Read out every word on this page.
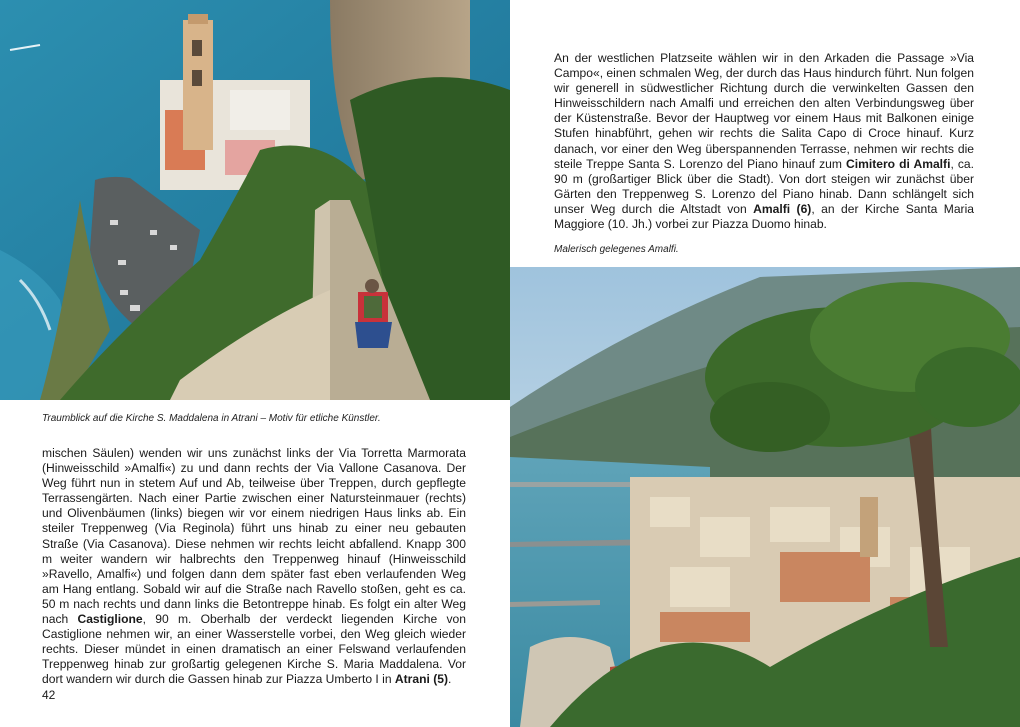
Traumblick auf die Kirche S. Maddalena in Atrani – Motiv für etliche Künstler.

mischen Säulen) wenden wir uns zunächst links der Via Torretta Marmorata (Hinweisschild »Amalfi«) zu und dann rechts der Via Vallone Casanova. Der Weg führt nun in stetem Auf und Ab, teilweise über Treppen, durch gepflegte Terrassengärten. Nach einer Partie zwischen einer Natursteinmauer (rechts) und Olivenbäumen (links) biegen wir vor einem niedrigen Haus links ab. Ein steiler Treppenweg (Via Reginola) führt uns hinab zu einer neu gebauten Straße (Via Casanova). Diese nehmen wir rechts leicht abfallend. Knapp 300 m weiter wandern wir halbrechts den Treppenweg hinauf (Hinweisschild »Ravello, Amalfi«) und folgen dann dem später fast eben verlaufenden Weg am Hang entlang. Sobald wir auf die Straße nach Ravello stoßen, geht es ca. 50 m nach rechts und dann links die Betontreppe hinab. Es folgt ein alter Weg nach Castiglione, 90 m. Oberhalb der verdeckt liegenden Kirche von Castiglione nehmen wir, an einer Wasserstelle vorbei, den Weg gleich wieder rechts. Dieser mündet in einen dramatisch an einer Felswand verlaufenden Treppenweg hinab zur großartig gelegenen Kirche S. Maria Maddalena. Vor dort wandern wir durch die Gassen hinab zur Piazza Umberto I in Atrani (5).

42

An der westlichen Platzseite wählen wir in den Arkaden die Passage »Via Campo«, einen schmalen Weg, der durch das Haus hindurch führt. Nun folgen wir generell in südwestlicher Richtung durch die verwinkelten Gassen den Hinweisschildern nach Amalfi und erreichen den alten Verbindungsweg über der Küstenstraße. Bevor der Hauptweg vor einem Haus mit Balkonen einige Stufen hinabführt, gehen wir rechts die Salita Capo di Croce hinauf. Kurz danach, vor einer den Weg überspannenden Terrasse, nehmen wir rechts die steile Treppe Santa S. Lorenzo del Piano hinauf zum Cimitero di Amalfi, ca. 90 m (großartiger Blick über die Stadt). Von dort steigen wir zunächst über Gärten den Treppenweg S. Lorenzo del Piano hinab. Dann schlängelt sich unser Weg durch die Altstadt von Amalfi (6), an der Kirche Santa Maria Maggiore (10. Jh.) vorbei zur Piazza Duomo hinab.

Malerisch gelegenes Amalfi.
